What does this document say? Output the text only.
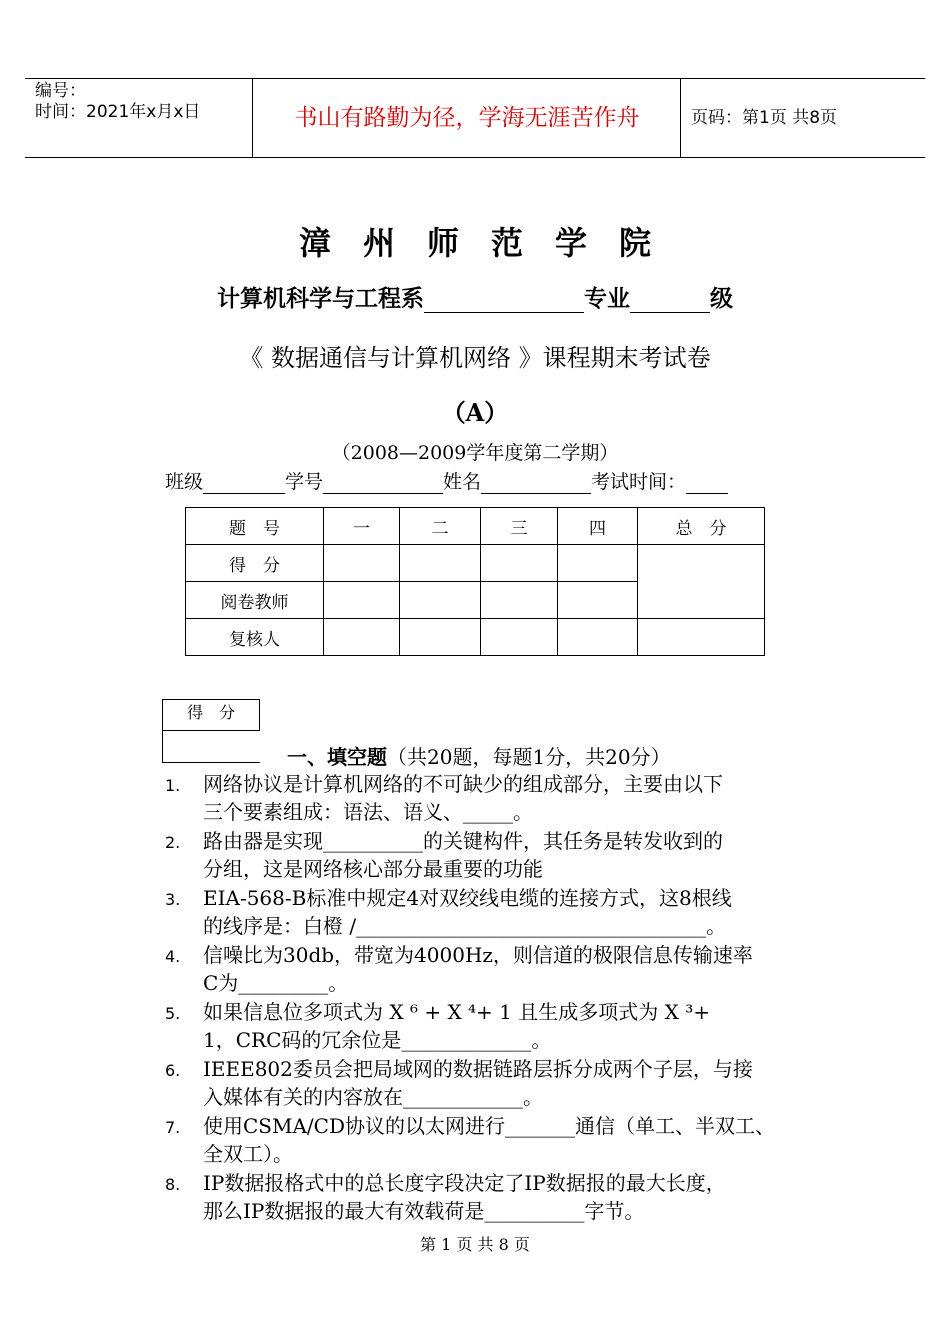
编号：
时间：2021年x月x日	书山有路勤为径，学海无涯苦作舟	页码：第1页 共8页
漳州师范学院
计算机科学与工程系	专业	级
《 数据通信与计算机网络 》课程期末考试卷
（A）
（2008—2009学年度第二学期）
班级	学号	姓名	考试时间：
题　号	一	二	三	四	总　分
得　分					
阅卷教师					
复核人					
得　分
一、填空题（共20题，每题1分，共20分）
1.	网络协议是计算机网络的不可缺少的组成部分，主要由以下
三个要素组成：语法、语义、_____。
2.	路由器是实现__________的关键构件，其任务是转发收到的
分组，这是网络核心部分最重要的功能
3.	EIA-568-B标准中规定4对双绞线电缆的连接方式，这8根线
的线序是：白橙 /___________________________________。
4.	信噪比为30db，带宽为4000Hz，则信道的极限信息传输速率
C为_________。
5.	如果信息位多项式为 X ⁶ + X ⁴+ 1 且生成多项式为 X ³+
1，CRC码的冗余位是_____________。
6.	IEEE802委员会把局域网的数据链路层拆分成两个子层，与接
入媒体有关的内容放在____________。
7.	使用CSMA/CD协议的以太网进行_______通信（单工、半双工、
全双工）。
8.	IP数据报格式中的总长度字段决定了IP数据报的最大长度，
那么IP数据报的最大有效载荷是__________字节。
第 1 页 共 8 页
